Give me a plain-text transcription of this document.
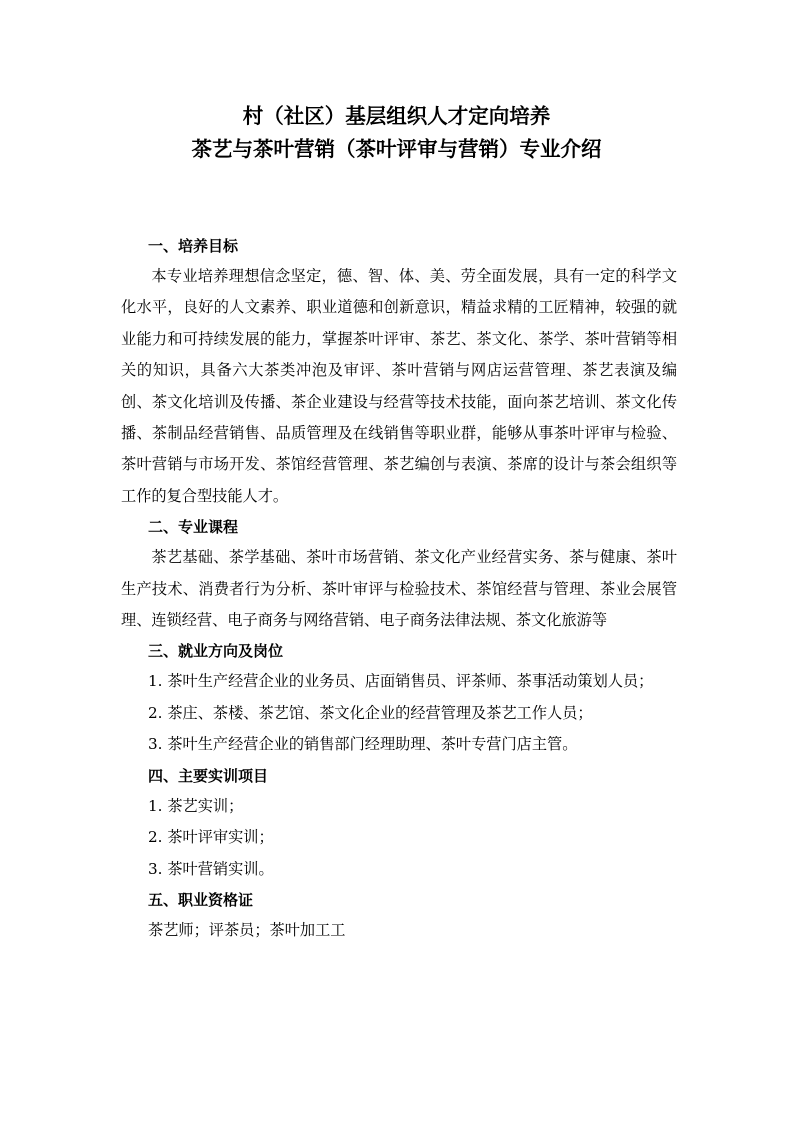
村（社区）基层组织人才定向培养

茶艺与茶叶营销（茶叶评审与营销）专业介绍

一、培养目标

本专业培养理想信念坚定，德、智、体、美、劳全面发展，具有一定的科学文化水平，良好的人文素养、职业道德和创新意识，精益求精的工匠精神，较强的就业能力和可持续发展的能力，掌握茶叶评审、茶艺、茶文化、茶学、茶叶营销等相关的知识，具备六大茶类冲泡及审评、茶叶营销与网店运营管理、茶艺表演及编创、茶文化培训及传播、茶企业建设与经营等技术技能，面向茶艺培训、茶文化传播、茶制品经营销售、品质管理及在线销售等职业群，能够从事茶叶评审与检验、茶叶营销与市场开发、茶馆经营管理、茶艺编创与表演、茶席的设计与茶会组织等工作的复合型技能人才。

二、专业课程

茶艺基础、茶学基础、茶叶市场营销、茶文化产业经营实务、茶与健康、茶叶生产技术、消费者行为分析、茶叶审评与检验技术、茶馆经营与管理、茶业会展管理、连锁经营、电子商务与网络营销、电子商务法律法规、茶文化旅游等

三、就业方向及岗位

1. 茶叶生产经营企业的业务员、店面销售员、评茶师、茶事活动策划人员；

2. 茶庄、茶楼、茶艺馆、茶文化企业的经营管理及茶艺工作人员；

3. 茶叶生产经营企业的销售部门经理助理、茶叶专营门店主管。

四、主要实训项目

1. 茶艺实训；

2. 茶叶评审实训；

3. 茶叶营销实训。

五、职业资格证

茶艺师；评茶员；茶叶加工工
